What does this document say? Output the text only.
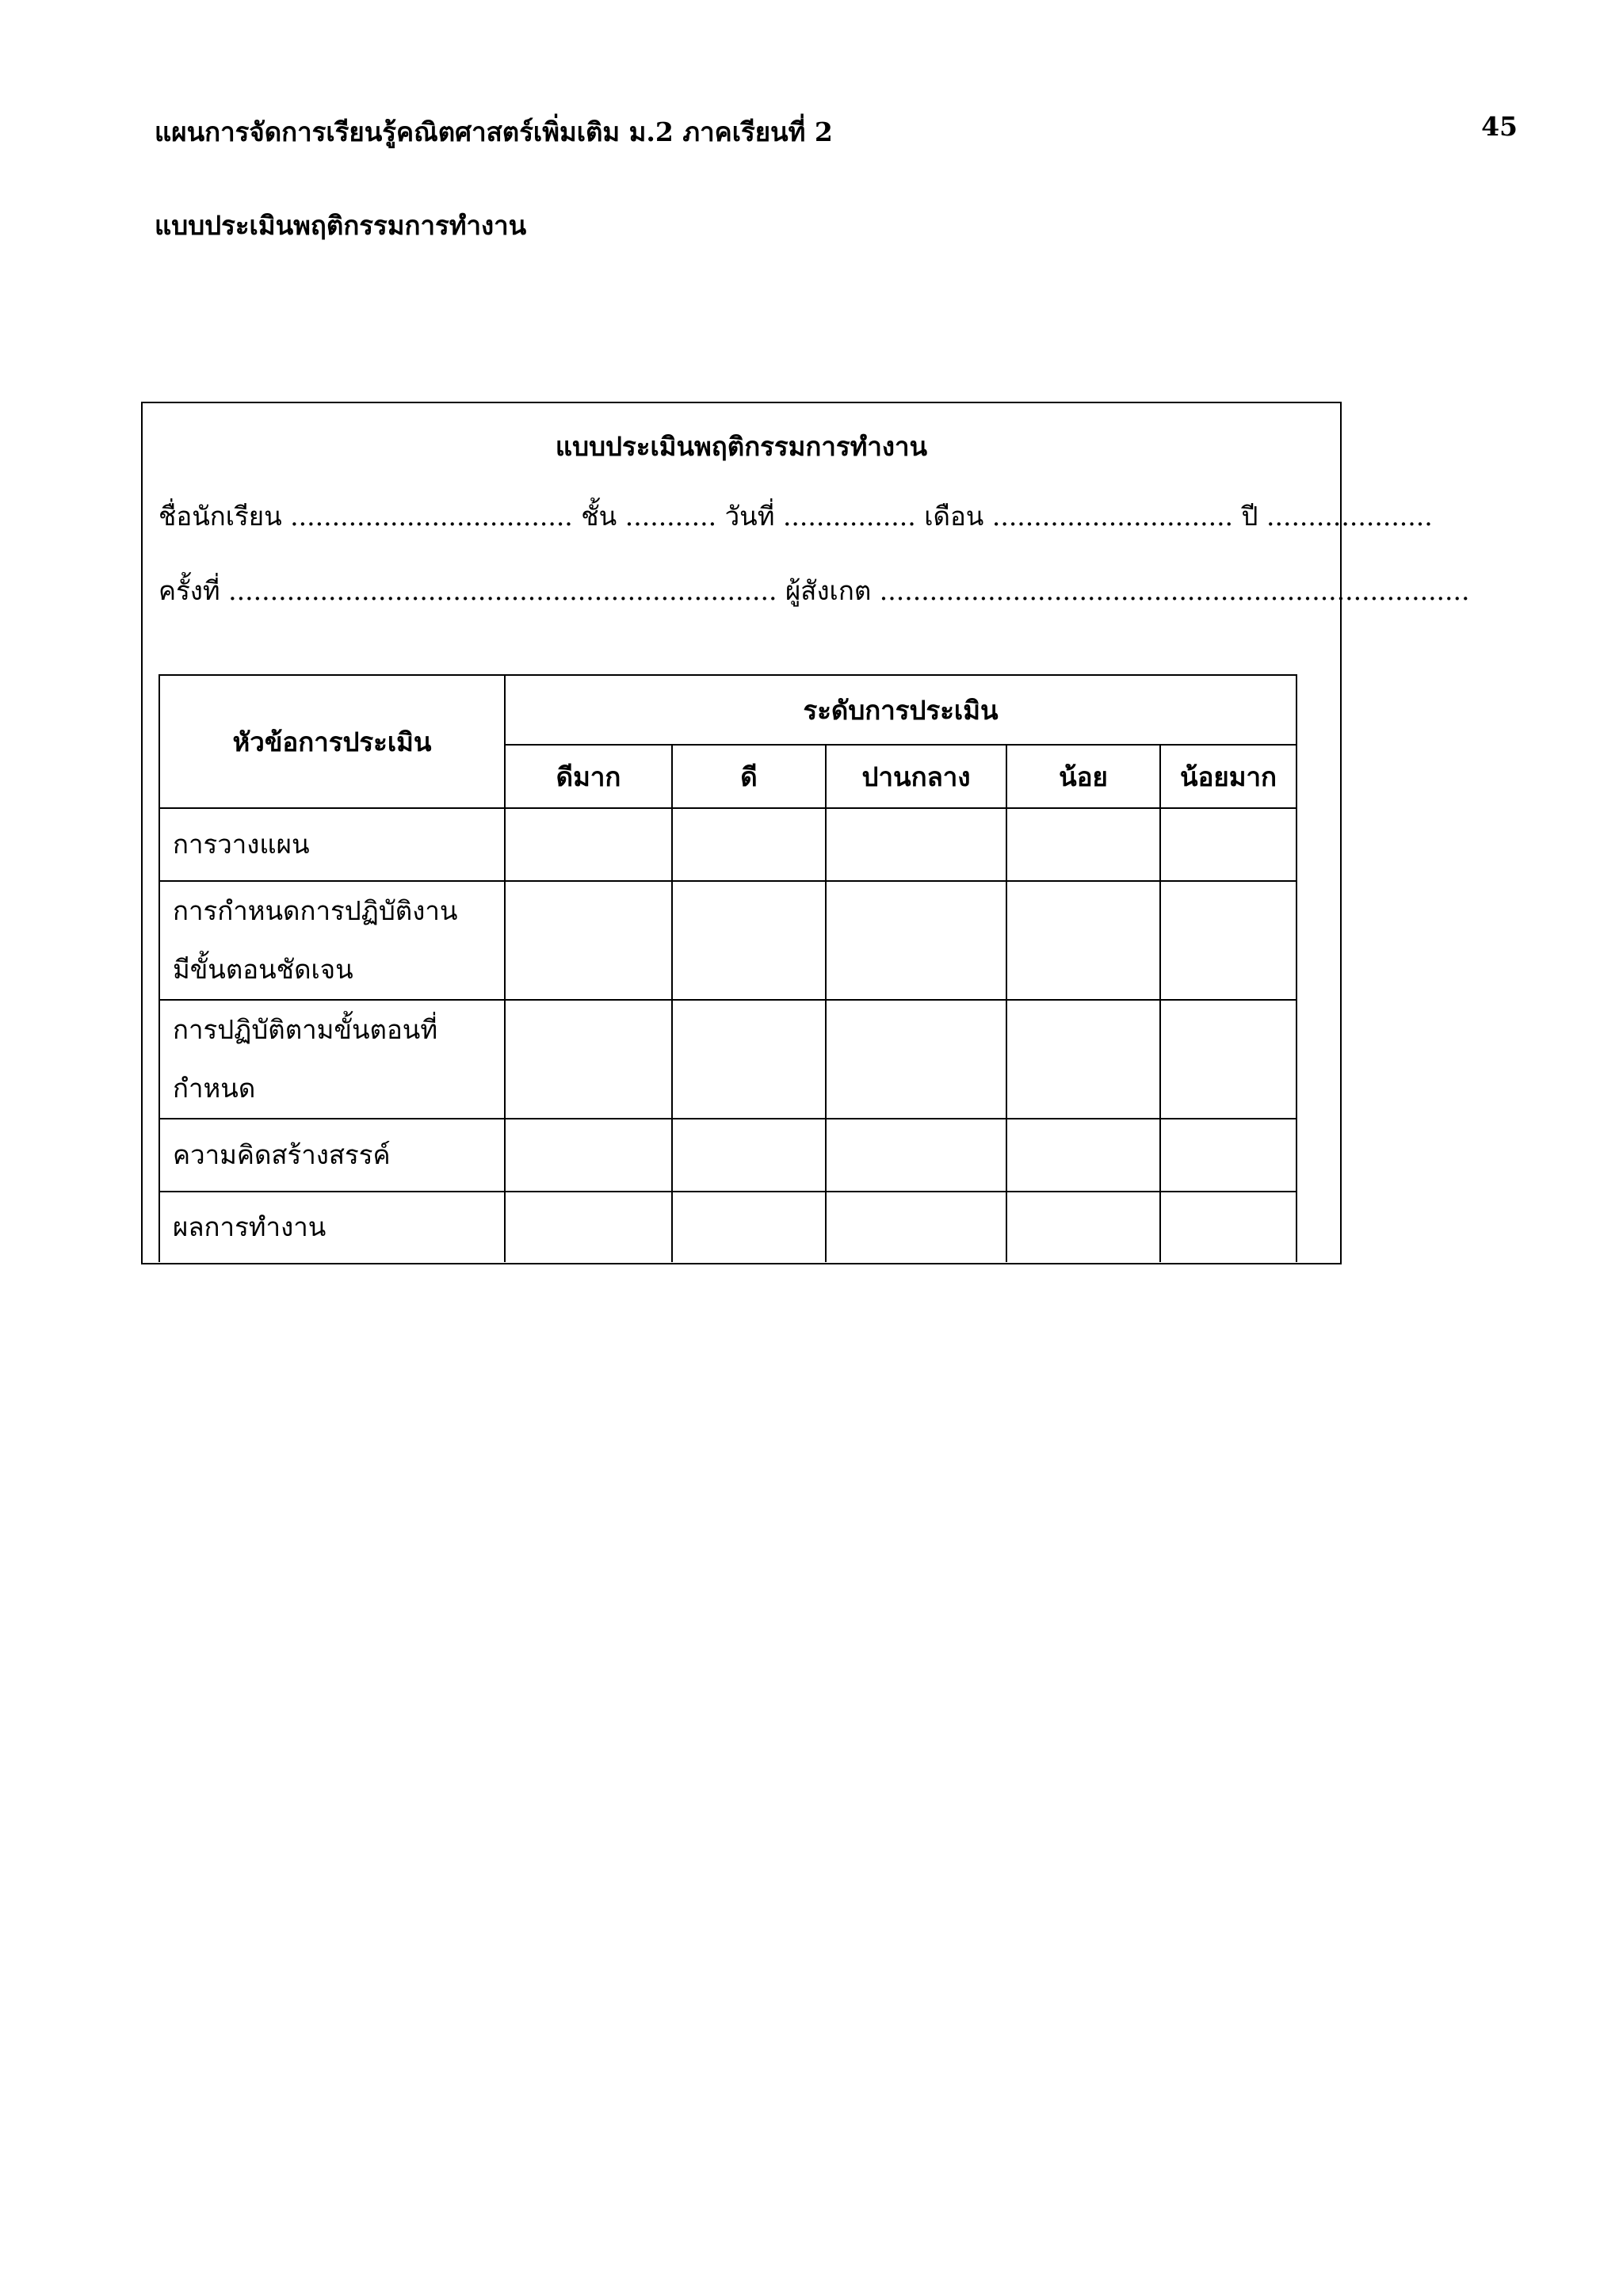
แผนการจัดการเรียนรู้คณิตศาสตร์เพิ่มเติม ม.2 ภาคเรียนที่ 2	45
แบบประเมินพฤติกรรมการทำงาน
แบบประเมินพฤติกรรมการทำงาน
ชื่อนักเรียน .................................. ชั้น ........... วันที่ ................ เดือน ............................. ปี ....................
ครั้งที่ .................................................................. ผู้สังเกต .......................................................................
หัวข้อการประเมิน	ระดับการประเมิน				
	ดีมาก	ดี	ปานกลาง	น้อย	น้อยมาก

การวางแผน					

การกำหนดการปฏิบัติงาน
มีขั้นตอนชัดเจน					

การปฏิบัติตามขั้นตอนที่
กำหนด					

ความคิดสร้างสรรค์					

ผลการทำงาน					
